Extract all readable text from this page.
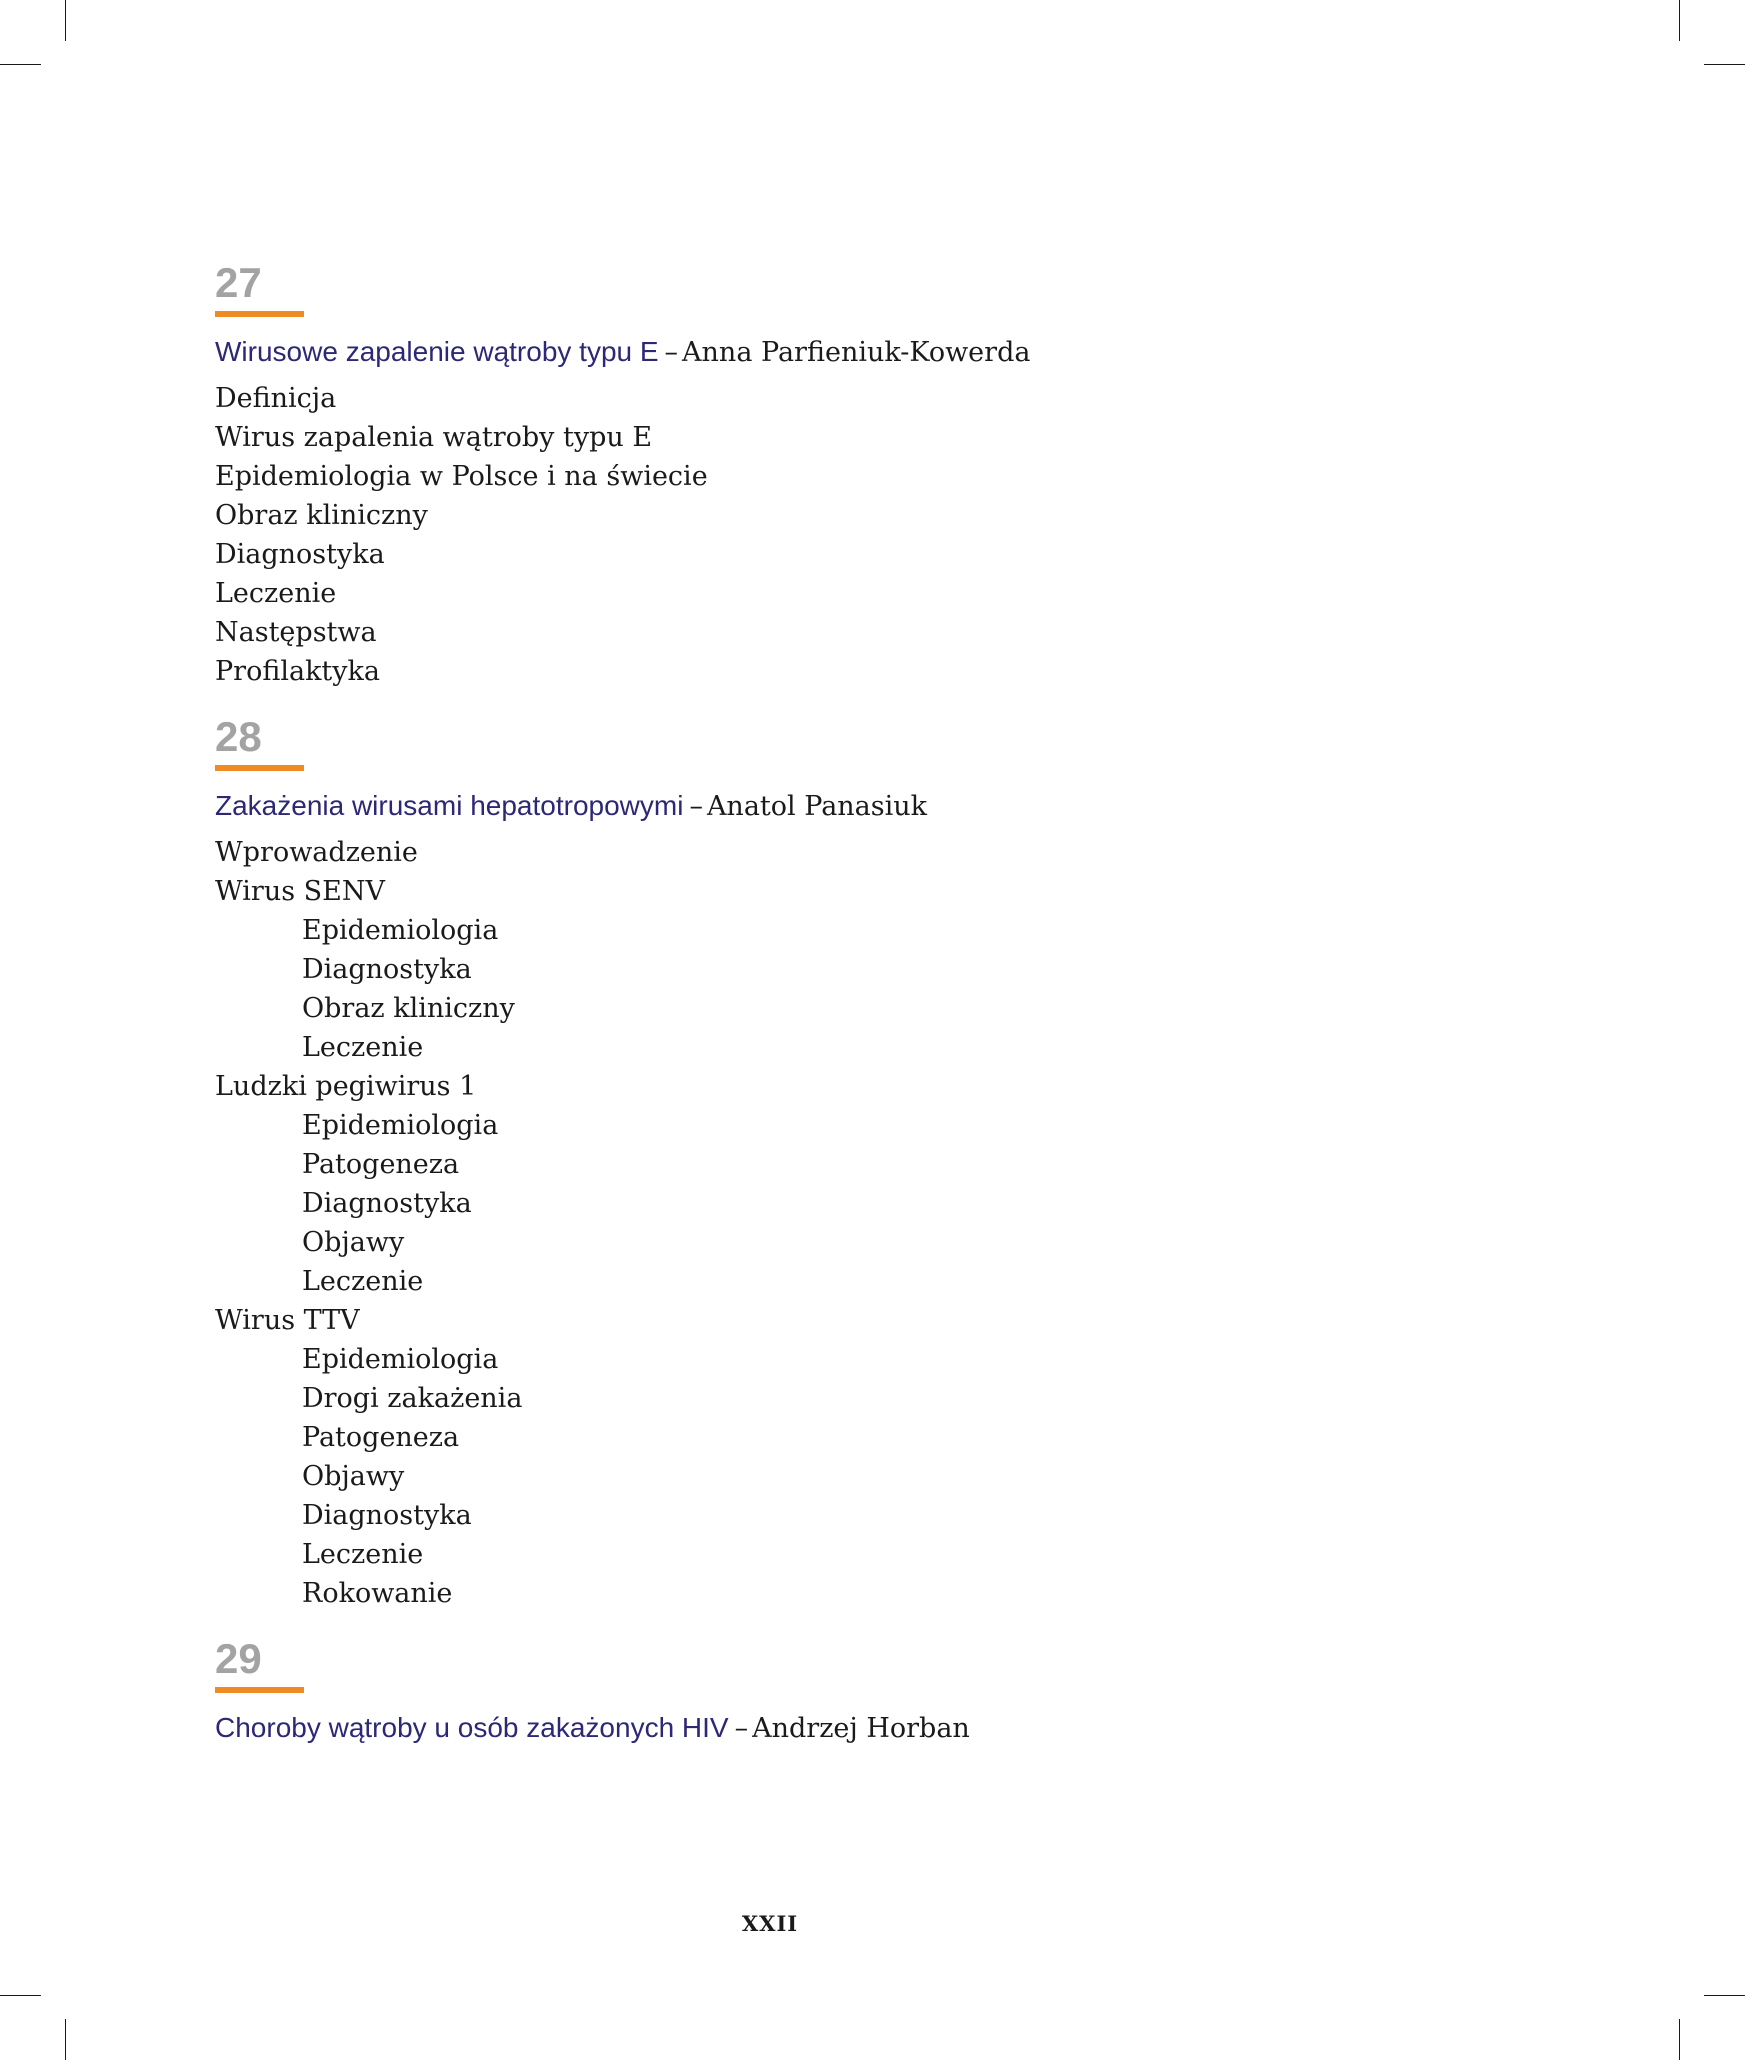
27
Wirusowe zapalenie wątroby typu E – Anna Parfieniuk-Kowerda
Definicja
Wirus zapalenia wątroby typu E
Epidemiologia w Polsce i na świecie
Obraz kliniczny
Diagnostyka
Leczenie
Następstwa
Profilaktyka
28
Zakażenia wirusami hepatotropowymi – Anatol Panasiuk
Wprowadzenie
Wirus SENV
Epidemiologia
Diagnostyka
Obraz kliniczny
Leczenie
Ludzki pegiwirus 1
Epidemiologia
Patogeneza
Diagnostyka
Objawy
Leczenie
Wirus TTV
Epidemiologia
Drogi zakażenia
Patogeneza
Objawy
Diagnostyka
Leczenie
Rokowanie
29
Choroby wątroby u osób zakażonych HIV – Andrzej Horban
XXII
